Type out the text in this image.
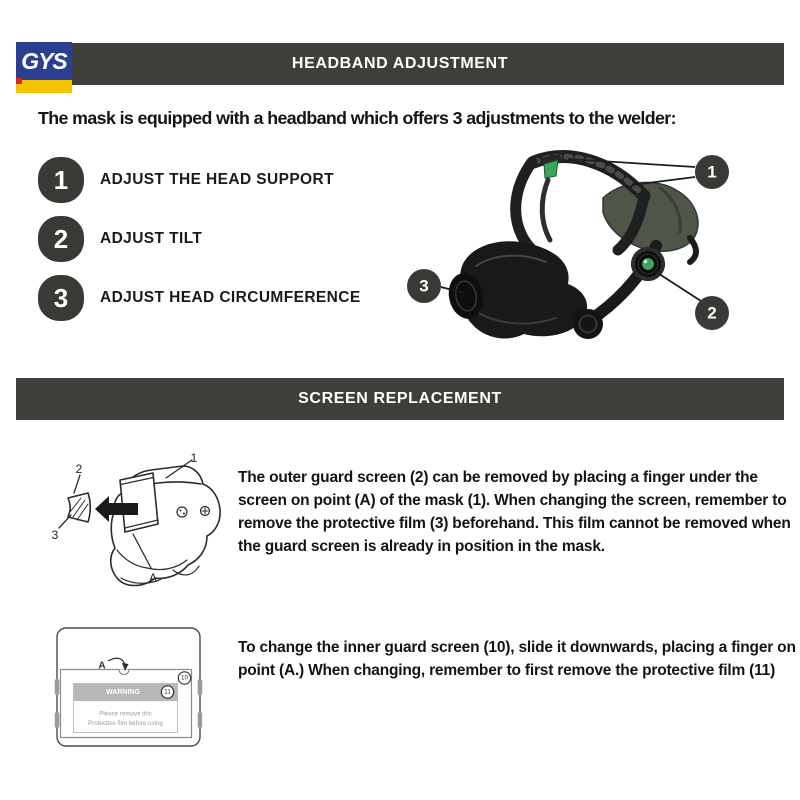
GYS	HEADBAND ADJUSTMENT
The mask is equipped with a headband which offers 3 adjustments to the welder:
1	ADJUST THE HEAD SUPPORT
2	ADJUST TILT
3	ADJUST HEAD CIRCUMFERENCE
1
2
3
SCREEN REPLACEMENT
1
2
3
A
The outer guard screen (2) can be removed by placing a finger under the screen on point (A) of the mask (1). When changing the screen, remember to remove the protective film (3) beforehand. This film cannot be removed when the guard screen is already in position in the mask.
10
WARNING	11
Please remove this
Protective film before using
A
To change the inner guard screen (10), slide it downwards, placing a finger on point (A.) When changing, remember to first remove the protective film (11)
